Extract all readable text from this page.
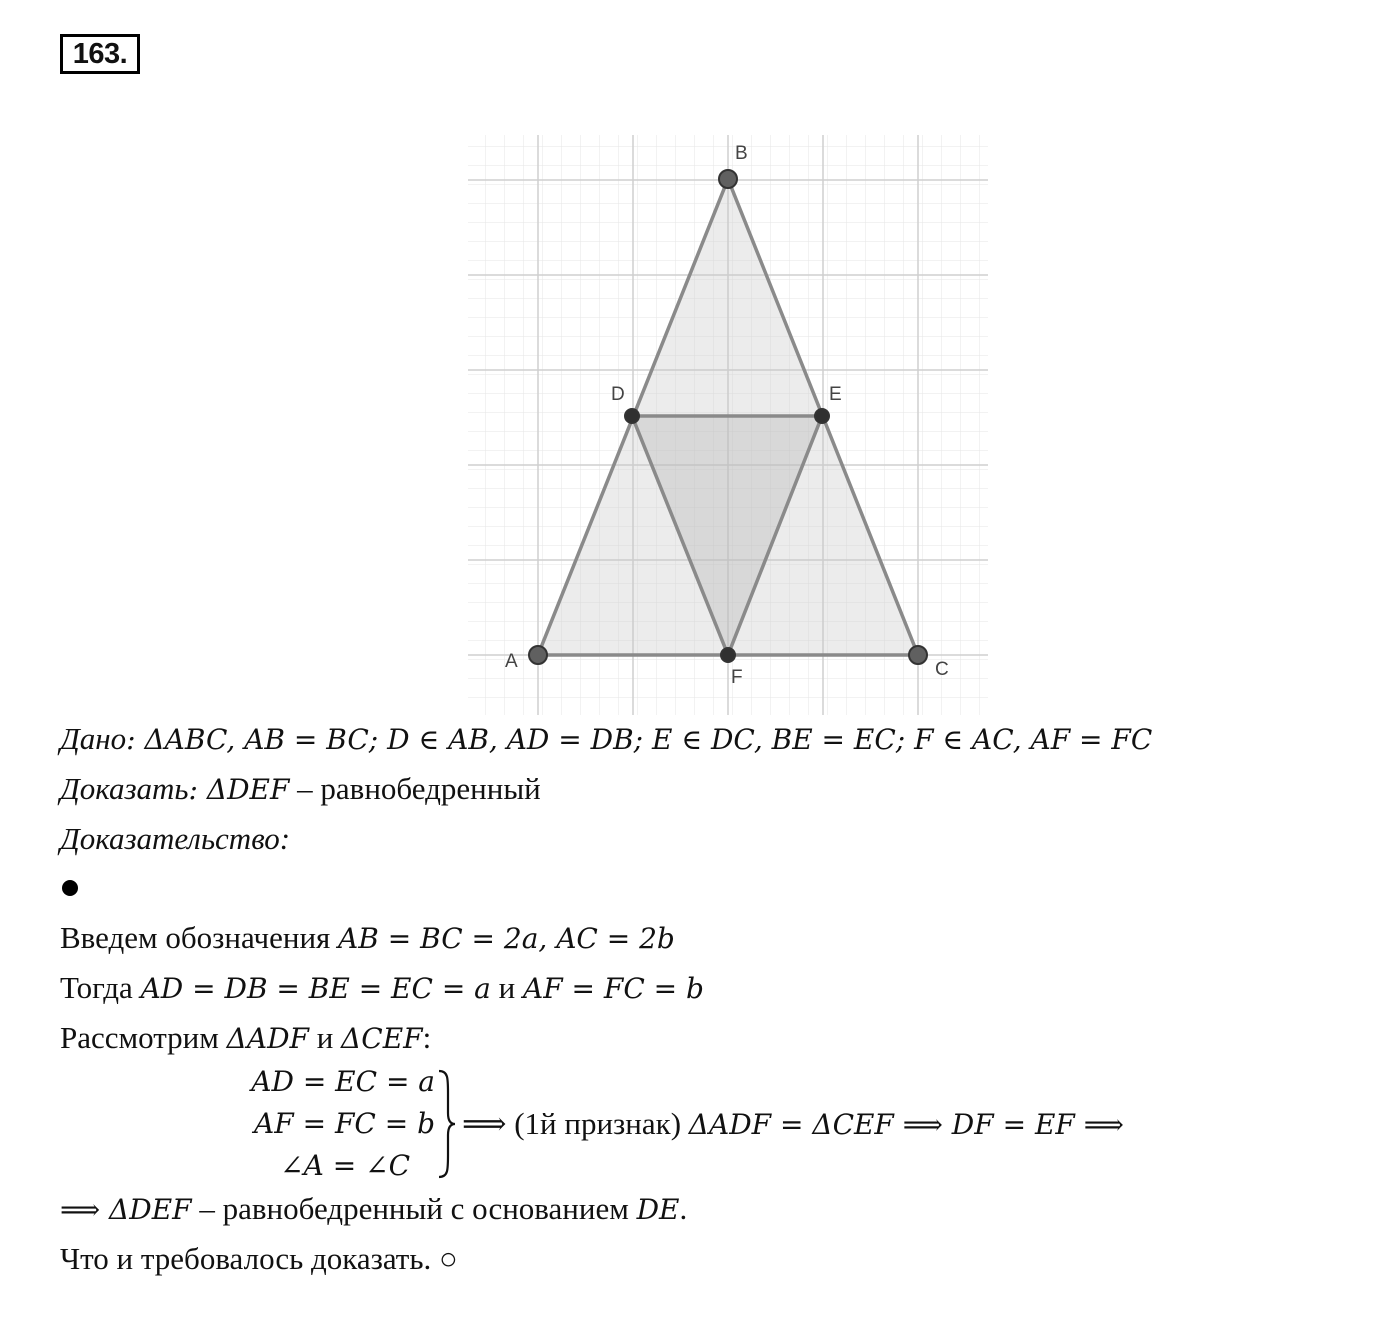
163.
B
A	C
D	E
F
Дано: ΔABC, AB = BC; D ∈ AB, AD = DB; E ∈ DC, BE = EC; F ∈ AC, AF = FC
Доказать: ΔDEF – равнобедренный
Доказательство:
Введем обозначения AB = BC = 2a, AC = 2b
Тогда AD = DB = BE = EC = a и AF = FC = b
Рассмотрим ΔADF и ΔCEF:
AD = EC = a
AF = FC = b
∠A = ∠C
⟹ (1й признак) ΔADF = ΔCEF ⟹ DF = EF ⟹
⟹ ΔDEF – равнобедренный с основанием DE.
Что и требовалось доказать. ○
